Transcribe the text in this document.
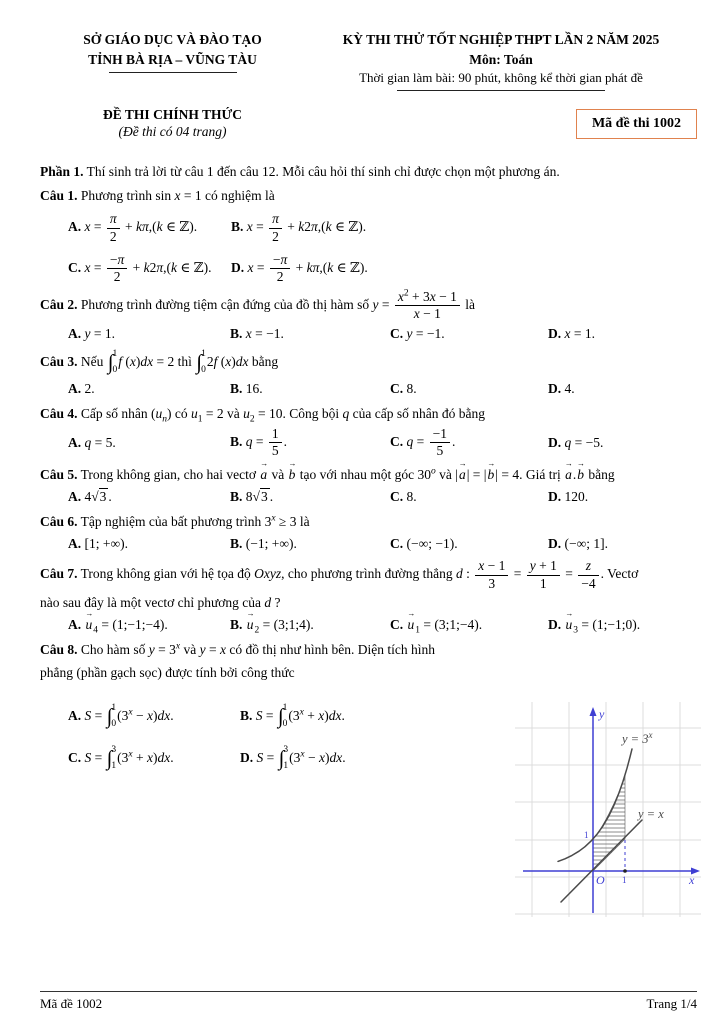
SỞ GIÁO DỤC VÀ ĐÀO TẠO
TỈNH BÀ RỊA – VŨNG TÀU
KỲ THI THỬ TỐT NGHIỆP THPT LẦN 2 NĂM 2025
Môn: Toán
Thời gian làm bài: 90 phút, không kể thời gian phát đề
ĐỀ THI CHÍNH THỨC
(Đề thi có 04 trang)
Mã đề thi 1002

Phần 1. Thí sinh trả lời từ câu 1 đến câu 12. Mỗi câu hỏi thí sinh chỉ được chọn một phương án.

Câu 1. Phương trình sin x = 1 có nghiệm là

A. $x = \frac{\pi}{2} + k\pi,(k$ ∈ ℤ).	B. $x = \frac{\pi}{2} + k2\pi,(k$ ∈ ℤ).
C. $x = \frac{-\pi}{2} + k2\pi,(k$ ∈ ℤ).	D. $x = \frac{-\pi}{2} + k\pi,(k$ ∈ ℤ).

Câu 2. Phương trình đường tiệm cận đứng của đồ thị hàm số $y = \frac{x^2 + 3x - 1}{x - 1}$ là

A. y = 1.	B. x = −1.	C. y = −1.	D. x = 1.

Câu 3. Nếu ∫ 1
0
f (x)dx = 2 thì ∫ 1
0
2f (x)dx bằng

A. 2.	B. 16.	C. 8.	D. 4.

Câu 4. Cấp số nhân $(u_n)$ có $u_1 = 2$ và $u_2 = 10$. Công bội q của cấp số nhân đó bằng

A. q = 5.	B. $q = \frac{1}{5}$ .	C. $q = \frac{-1}{5}$ .	D. q = −5.

Câu 5. Trong không gian, cho hai vectơ a → và b → tạo với nhau một góc 30$^o$ và |a →| = |b →| = 4. Giá trị a →.b → bằng

A. 4√3 .	B. 8√3 .	C. 8.	D. 120.

Câu 6. Tập nghiệm của bất phương trình $3^x \ge 3$ là

A. [1; +∞).	B. (−1; +∞).	C. (−∞; −1).	D. (−∞; 1].

Câu 7. Trong không gian với hệ tọa độ Oxyz, cho phương trình đường thẳng d : $\frac{x - 1}{3} = \frac{y + 1}{1} = \frac{z}{-4}$ . Vectơ

nào sau đây là một vectơ chỉ phương của d ?

A. $u \to_4$ = (1;−1;−4).	B. $u \to_2$ = (3;1;4).	C. $u \to_1$ = (3;1;−4).	D. $u \to_3$ = (1;−1;0).

Câu 8. Cho hàm số $y = 3^x$ và y = x có đồ thị như hình bên. Diện tích hình

phẳng (phần gạch sọc) được tính bởi công thức

A. S = ∫ 1
0
$(3^x - x)dx$.	B. S = ∫ 1
0
$(3^x + x)dx$.
C. S = ∫ 3
1
$(3^x + x)dx$.	D. S = ∫ 3
1
$(3^x - x)dx$.
$y = 3^x$
y = x
y
x
O 1
1
Mã đề 1002	Trang 1/4
